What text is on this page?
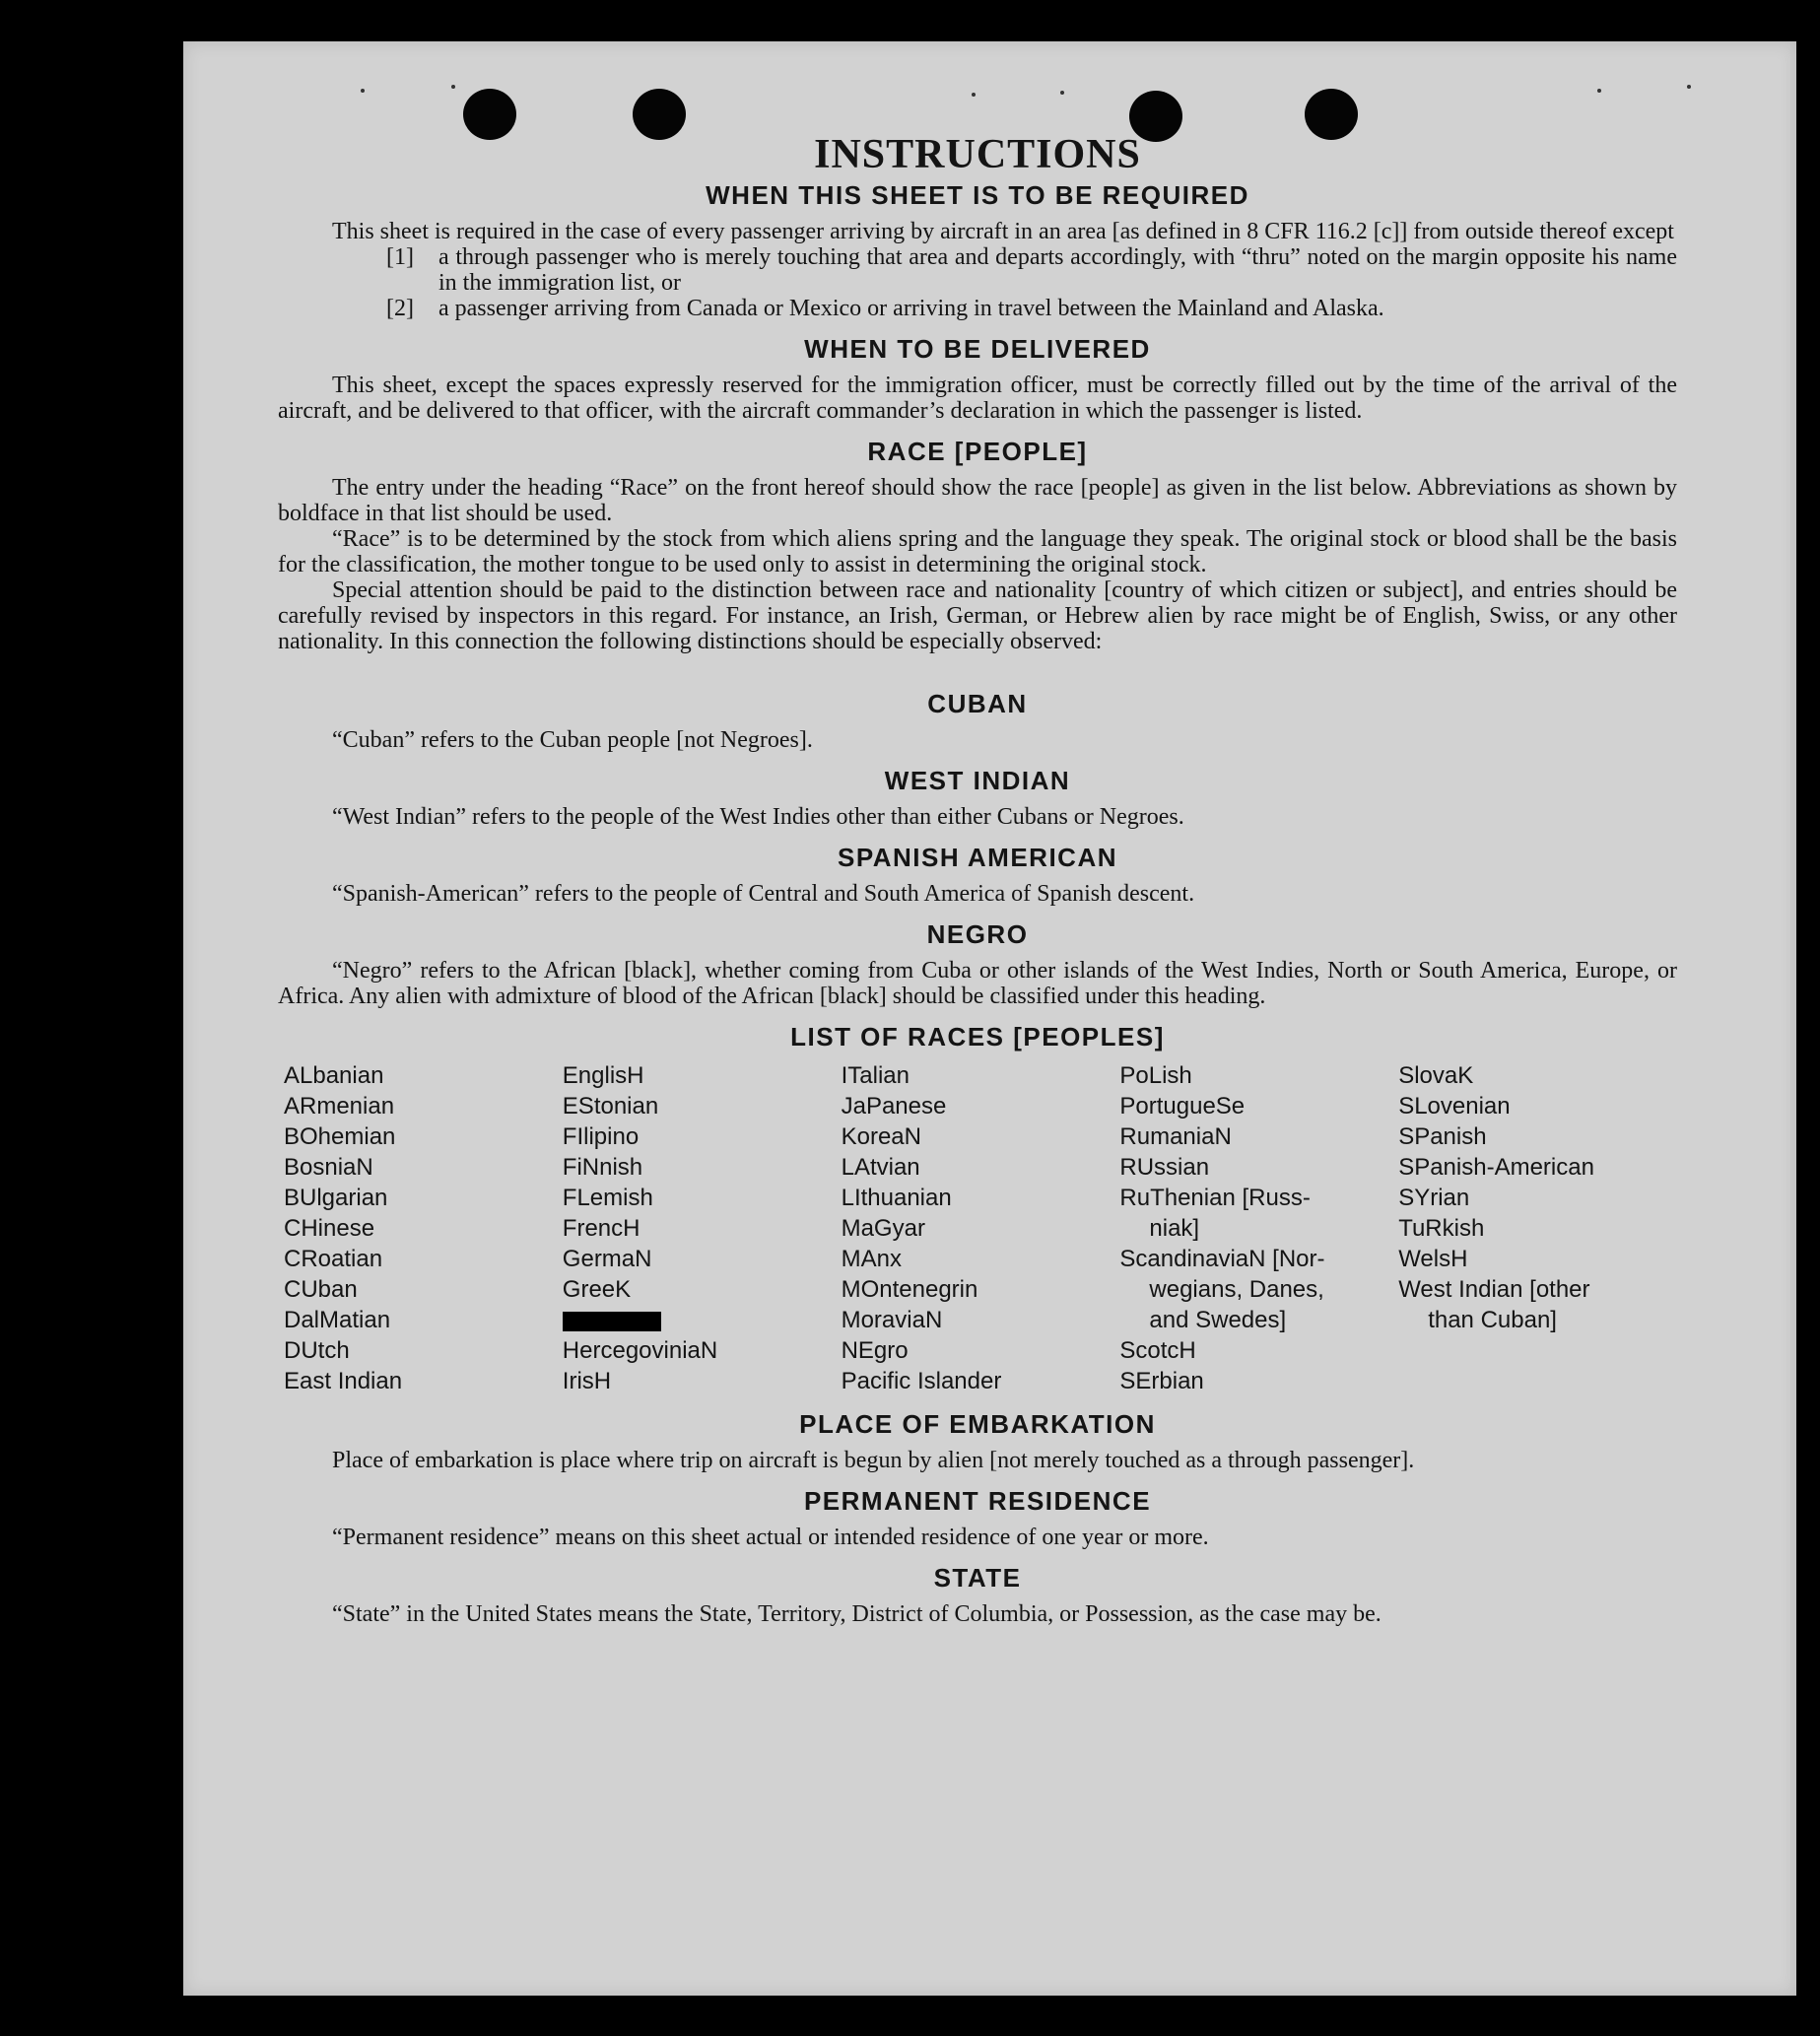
INSTRUCTIONS
WHEN THIS SHEET IS TO BE REQUIRED

This sheet is required in the case of every passenger arriving by aircraft in an area [as defined in 8 CFR 116.2 [c]] from outside thereof except

[1]	a through passenger who is merely touching that area and departs accordingly, with “thru” noted on the margin opposite his name in the immigration list, or
[2]	a passenger arriving from Canada or Mexico or arriving in travel between the Mainland and Alaska.
WHEN TO BE DELIVERED

This sheet, except the spaces expressly reserved for the immigration officer, must be correctly filled out by the time of the arrival of the aircraft, and be delivered to that officer, with the aircraft commander’s declaration in which the passenger is listed.

RACE [PEOPLE]

The entry under the heading “Race” on the front hereof should show the race [people] as given in the list below. Abbreviations as shown by boldface in that list should be used.

“Race” is to be determined by the stock from which aliens spring and the language they speak. The original stock or blood shall be the basis for the classification, the mother tongue to be used only to assist in determining the original stock.

Special attention should be paid to the distinction between race and nationality [country of which citizen or subject], and entries should be carefully revised by inspectors in this regard. For instance, an Irish, German, or Hebrew alien by race might be of English, Swiss, or any other nationality. In this connection the following distinctions should be especially observed:

CUBAN

“Cuban” refers to the Cuban people [not Negroes].

WEST INDIAN

“West Indian” refers to the people of the West Indies other than either Cubans or Negroes.

SPANISH AMERICAN

“Spanish-American” refers to the people of Central and South America of Spanish descent.

NEGRO

“Negro” refers to the African [black], whether coming from Cuba or other islands of the West Indies, North or South America, Europe, or Africa. Any alien with admixture of blood of the African [black] should be classified under this heading.

LIST OF RACES [PEOPLES]
ALbanian
ARmenian
BOhemian
BosniaN
BUlgarian
CHinese
CRoatian
CUban
DalMatian
DUtch
East Indian
EnglisH
EStonian
FIlipino
FiNnish
FLemish
FrencH
GermaN
GreeK
HercegoviniaN
IrisH
ITalian
JaPanese
KoreaN
LAtvian
LIthuanian
MaGyar
MAnx
MOntenegrin
MoraviaN
NEgro
Pacific Islander
PoLish
PortugueSe
RumaniaN
RUssian
RuThenian [Russ-
niak]
ScandinaviaN [Nor-
wegians, Danes,
and Swedes]
ScotcH
SErbian
SlovaK
SLovenian
SPanish
SPanish-American
SYrian
TuRkish
WelsH
West Indian [other
than Cuban]
PLACE OF EMBARKATION

Place of embarkation is place where trip on aircraft is begun by alien [not merely touched as a through passenger].

PERMANENT RESIDENCE

“Permanent residence” means on this sheet actual or intended residence of one year or more.

STATE

“State” in the United States means the State, Territory, District of Columbia, or Possession, as the case may be.
